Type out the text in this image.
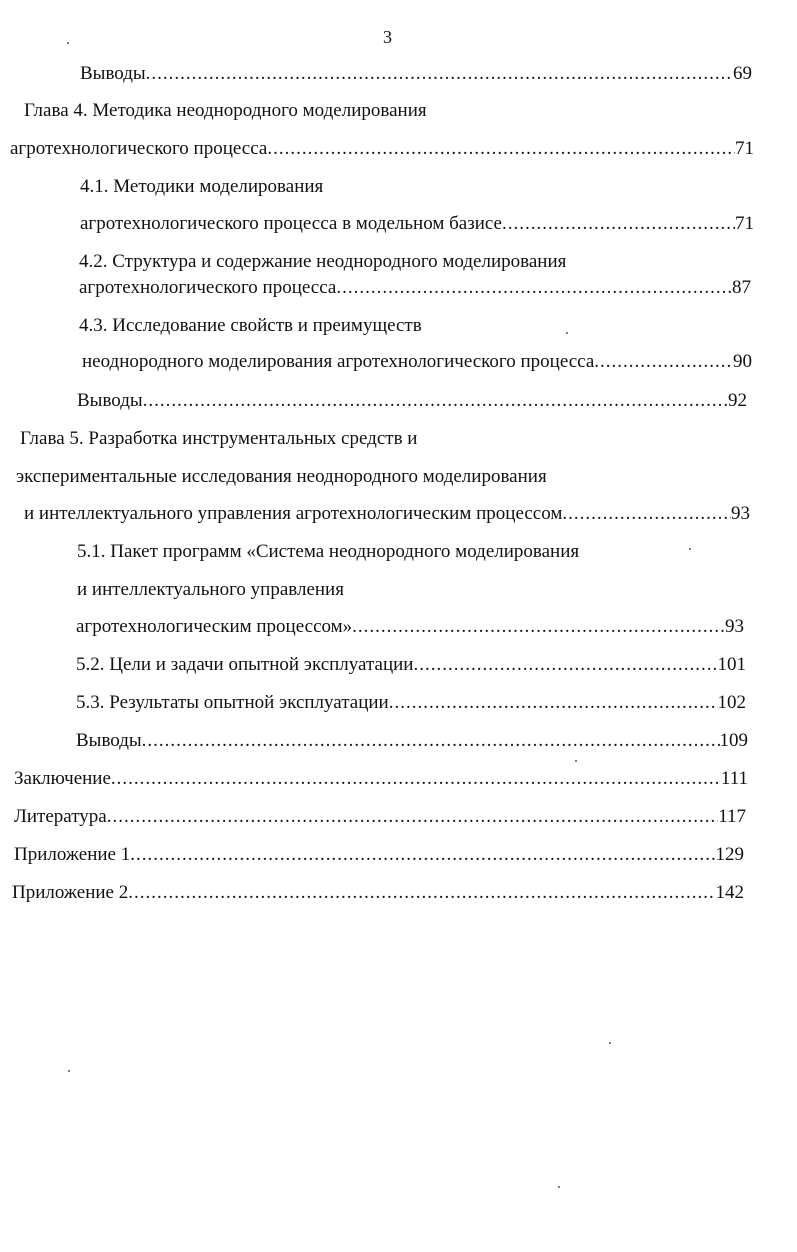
3
Выводы .....	69
Глава 4. Методика неоднородного моделирования
агротехнологического процесса .....	71
4.1. Методики моделирования
агротехнологического процесса в модельном базисе .....	71
4.2. Структура и содержание неоднородного моделирования
агротехнологического процесса .....	87
4.3. Исследование свойств и преимуществ
неоднородного моделирования агротехнологического процесса .....	90
Выводы .....	92
Глава 5. Разработка инструментальных средств и
экспериментальные исследования неоднородного моделирования
и интеллектуального управления агротехнологическим процессом .....	93
5.1. Пакет программ «Система неоднородного моделирования
и интеллектуального управления
агротехнологическим процессом» .....	93
5.2. Цели и задачи опытной эксплуатации .....	101
5.3. Результаты опытной эксплуатации .....	102
Выводы .....	109
Заключение .....	111
Литература .....	117
Приложение 1 .....	129
Приложение 2 .....	142
